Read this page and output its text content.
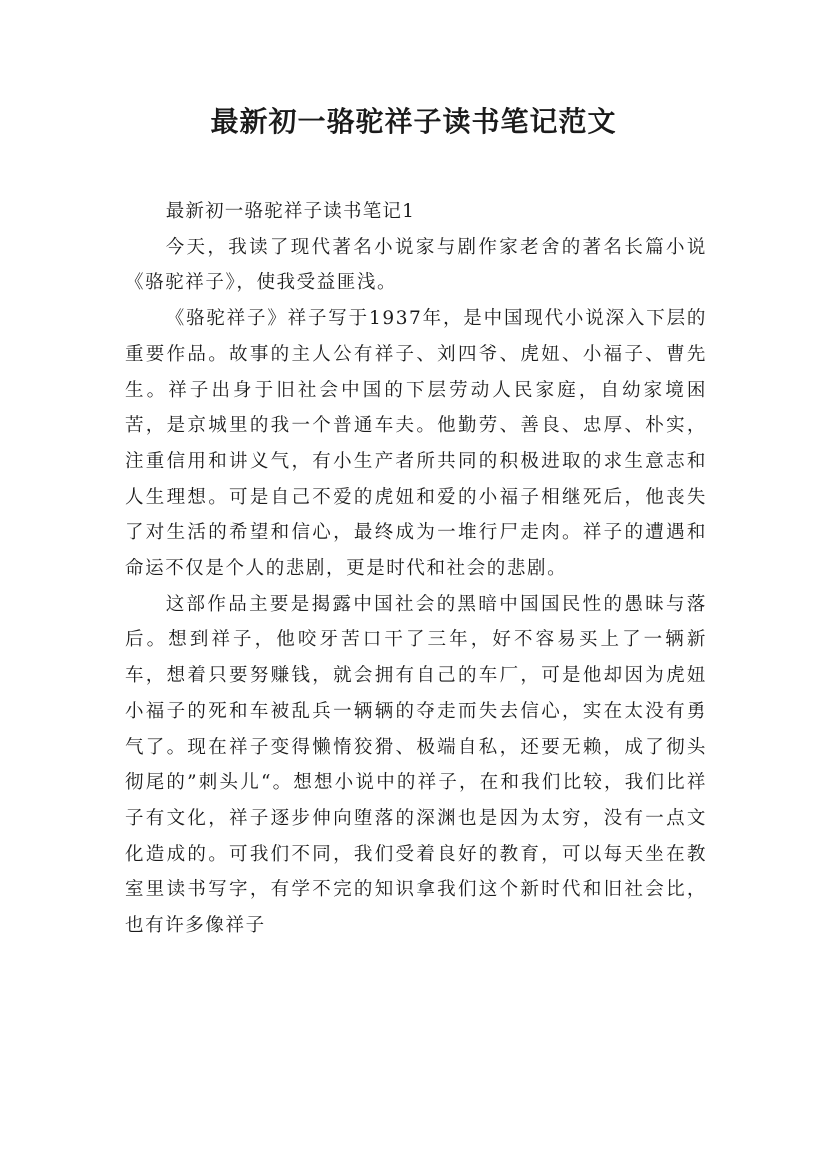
最新初一骆驼祥子读书笔记范文

最新初一骆驼祥子读书笔记1

今天，我读了现代著名小说家与剧作家老舍的著名长篇小说《骆驼祥子》，使我受益匪浅。

《骆驼祥子》祥子写于1937年，是中国现代小说深入下层的重要作品。故事的主人公有祥子、刘四爷、虎妞、小福子、曹先生。祥子出身于旧社会中国的下层劳动人民家庭，自幼家境困苦，是京城里的我一个普通车夫。他勤劳、善良、忠厚、朴实，注重信用和讲义气，有小生产者所共同的积极进取的求生意志和人生理想。可是自己不爱的虎妞和爱的小福子相继死后，他丧失了对生活的希望和信心，最终成为一堆行尸走肉。祥子的遭遇和命运不仅是个人的悲剧，更是时代和社会的悲剧。

这部作品主要是揭露中国社会的黑暗中国国民性的愚昧与落后。想到祥子，他咬牙苦口干了三年，好不容易买上了一辆新车，想着只要努赚钱，就会拥有自己的车厂，可是他却因为虎妞小福子的死和车被乱兵一辆辆的夺走而失去信心，实在太没有勇气了。现在祥子变得懒惰狡猾、极端自私，还要无赖，成了彻头彻尾的”刺头儿“。想想小说中的祥子，在和我们比较，我们比祥子有文化，祥子逐步伸向堕落的深渊也是因为太穷，没有一点文化造成的。可我们不同，我们受着良好的教育，可以每天坐在教室里读书写字，有学不完的知识拿我们这个新时代和旧社会比，也有许多像祥子
